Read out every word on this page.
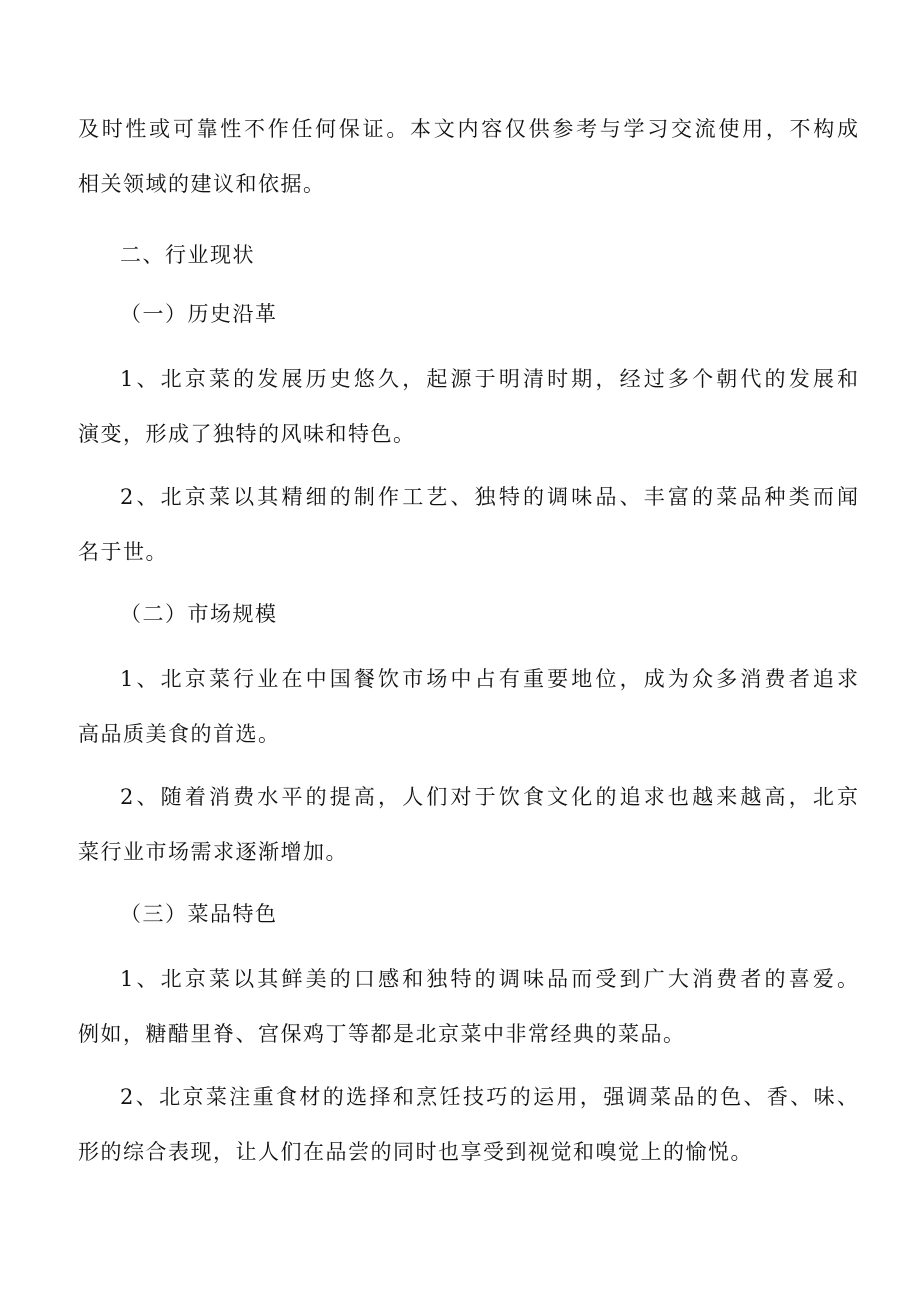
及时性或可靠性不作任何保证。本文内容仅供参考与学习交流使用，不构成
相关领域的建议和依据。
二、行业现状
（一）历史沿革
1、北京菜的发展历史悠久，起源于明清时期，经过多个朝代的发展和
演变，形成了独特的风味和特色。
2、北京菜以其精细的制作工艺、独特的调味品、丰富的菜品种类而闻
名于世。
（二）市场规模
1、北京菜行业在中国餐饮市场中占有重要地位，成为众多消费者追求
高品质美食的首选。
2、随着消费水平的提高，人们对于饮食文化的追求也越来越高，北京
菜行业市场需求逐渐增加。
（三）菜品特色
1、北京菜以其鲜美的口感和独特的调味品而受到广大消费者的喜爱。
例如，糖醋里脊、宫保鸡丁等都是北京菜中非常经典的菜品。
2、北京菜注重食材的选择和烹饪技巧的运用，强调菜品的色、香、味、
形的综合表现，让人们在品尝的同时也享受到视觉和嗅觉上的愉悦。
